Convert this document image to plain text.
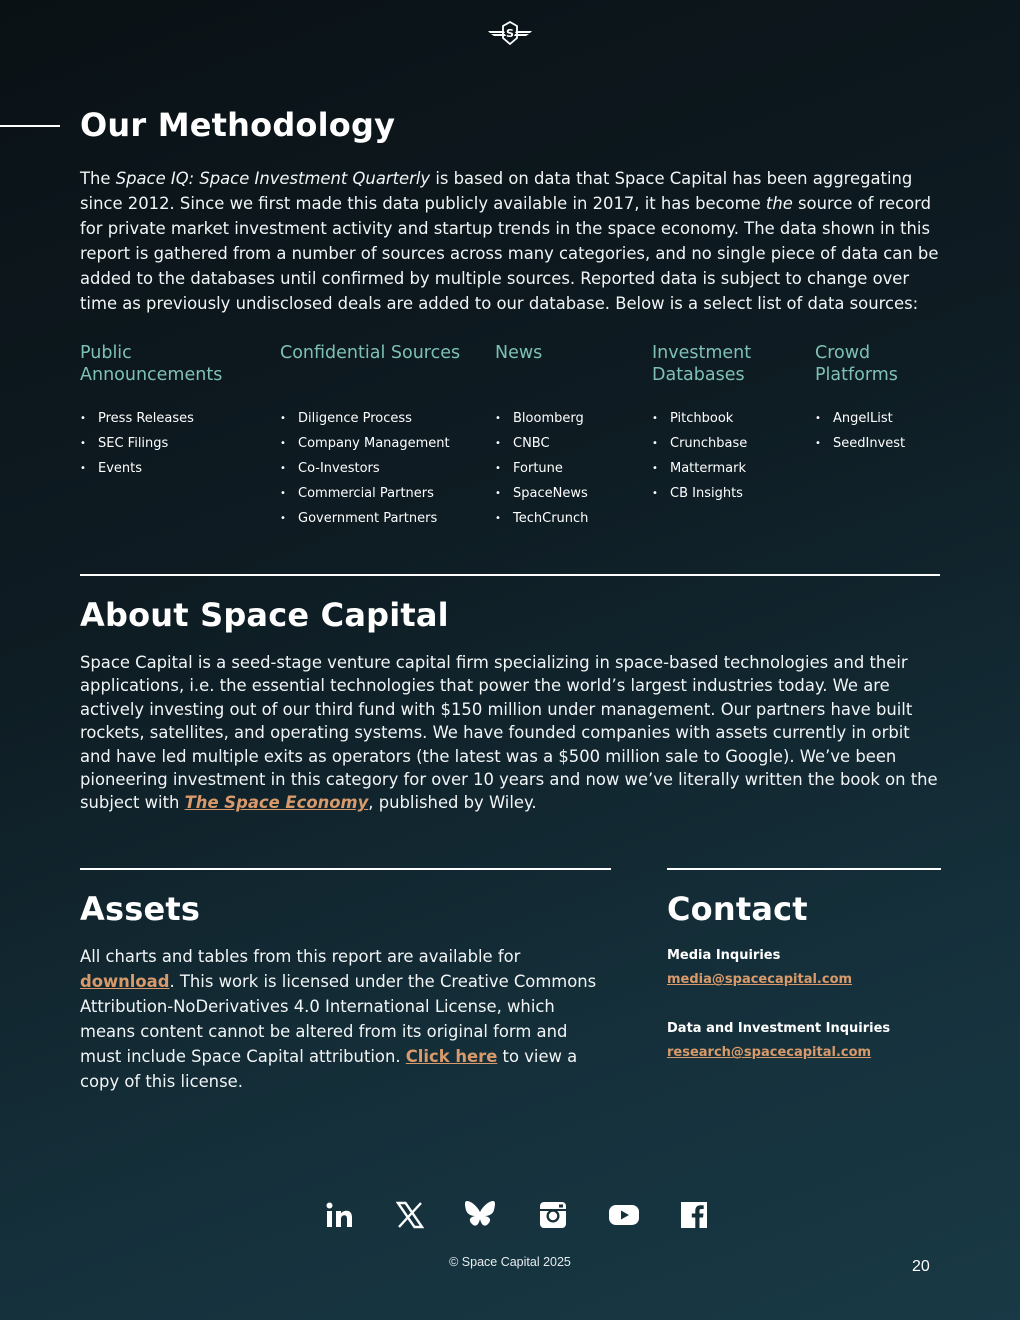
S
Our Methodology

The Space IQ: Space Investment Quarterly is based on data that Space Capital has been aggregating since 2012. Since we first made this data publicly available in 2017, it has become the source of record for private market investment activity and startup trends in the space economy. The data shown in this report is gathered from a number of sources across many categories, and no single piece of data can be added to the databases until confirmed by multiple sources. Reported data is subject to change over time as previously undisclosed deals are added to our database. Below is a select list of data sources:

Public Announcements
• Press Releases
• SEC Filings
• Events
Confidential Sources
• Diligence Process
• Company Management
• Co-Investors
• Commercial Partners
• Government Partners
News
• Bloomberg
• CNBC
• Fortune
• SpaceNews
• TechCrunch
Investment Databases
• Pitchbook
• Crunchbase
• Mattermark
• CB Insights
Crowd Platforms
• AngelList
• SeedInvest
About Space Capital

Space Capital is a seed-stage venture capital firm specializing in space-based technologies and their applications, i.e. the essential technologies that power the world’s largest industries today. We are actively investing out of our third fund with $150 million under management. Our partners have built rockets, satellites, and operating systems. We have founded companies with assets currently in orbit and have led multiple exits as operators (the latest was a $500 million sale to Google). We’ve been pioneering investment in this category for over 10 years and now we’ve literally written the book on the subject with The Space Economy, published by Wiley.

Assets

All charts and tables from this report are available for download. This work is licensed under the Creative Commons Attribution-NoDerivatives 4.0 International License, which means content cannot be altered from its original form and must include Space Capital attribution. Click here to view a copy of this license.

Contact
Media Inquiries
media@spacecapital.com
Data and Investment Inquiries
research@spacecapital.com
© Space Capital 2025	20
